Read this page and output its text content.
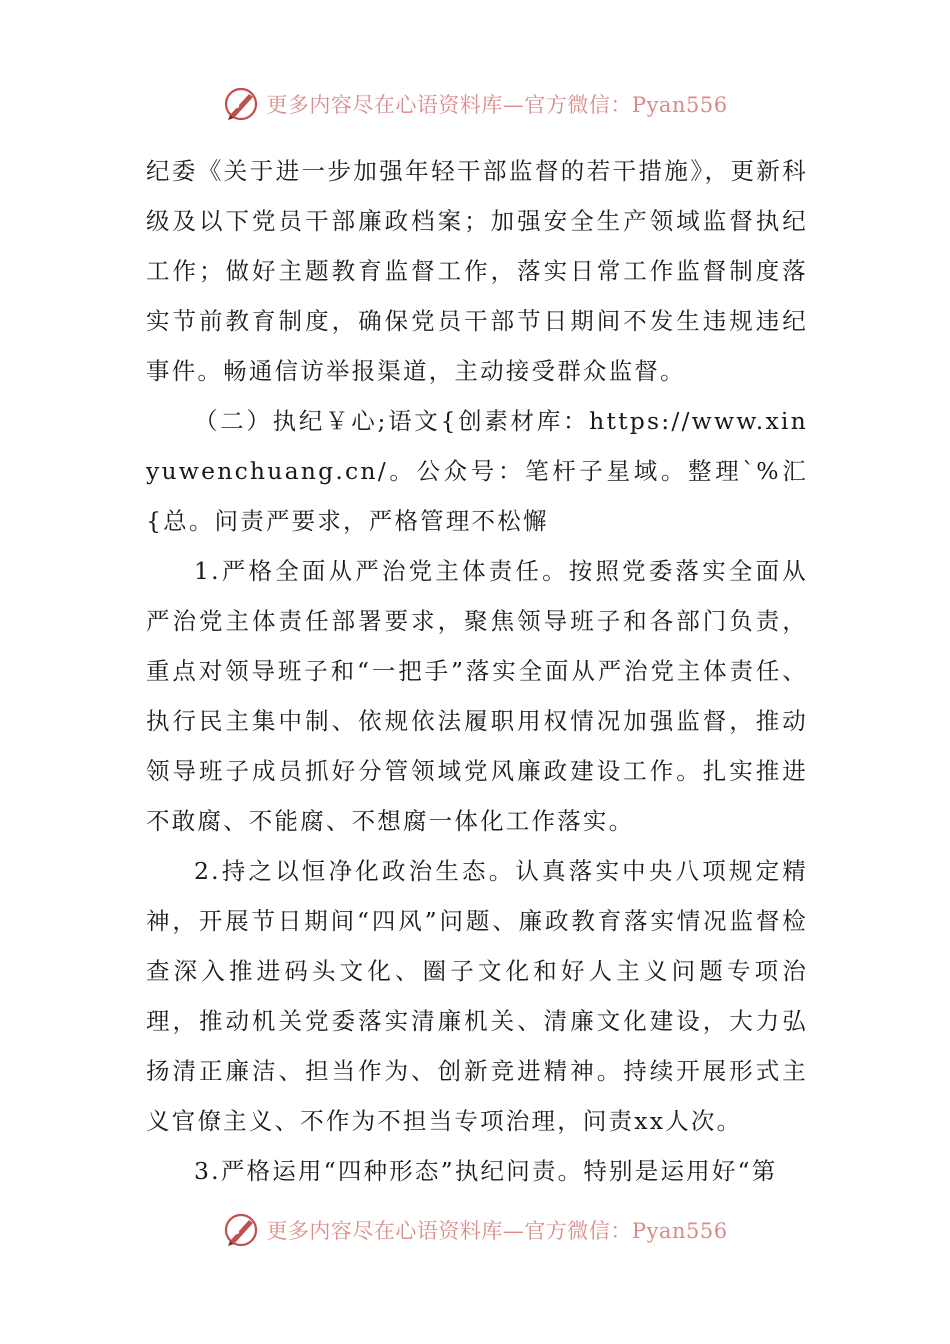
更多内容尽在心语资料库—官方微信：Pyan556

纪委《关于进一步加强年轻干部监督的若干措施》，更新科级及以下党员干部廉政档案；加强安全生产领域监督执纪工作；做好主题教育监督工作，落实日常工作监督制度落实节前教育制度，确保党员干部节日期间不发生违规违纪事件。畅通信访举报渠道，主动接受群众监督。

（二）执纪￥心;语文{创素材库：https://www.xinyuwenchuang.cn/。公众号：笔杆子星域。整理`%汇{总。问责严要求，严格管理不松懈

1.严格全面从严治党主体责任。按照党委落实全面从严治党主体责任部署要求，聚焦领导班子和各部门负责，重点对领导班子和“一把手”落实全面从严治党主体责任、执行民主集中制、依规依法履职用权情况加强监督，推动领导班子成员抓好分管领域党风廉政建设工作。扎实推进不敢腐、不能腐、不想腐一体化工作落实。

2.持之以恒净化政治生态。认真落实中央八项规定精神，开展节日期间“四风”问题、廉政教育落实情况监督检查深入推进码头文化、圈子文化和好人主义问题专项治理，推动机关党委落实清廉机关、清廉文化建设，大力弘扬清正廉洁、担当作为、创新竞进精神。持续开展形式主义官僚主义、不作为不担当专项治理，问责xx人次。

3.严格运用“四种形态”执纪问责。特别是运用好“第

更多内容尽在心语资料库—官方微信：Pyan556
